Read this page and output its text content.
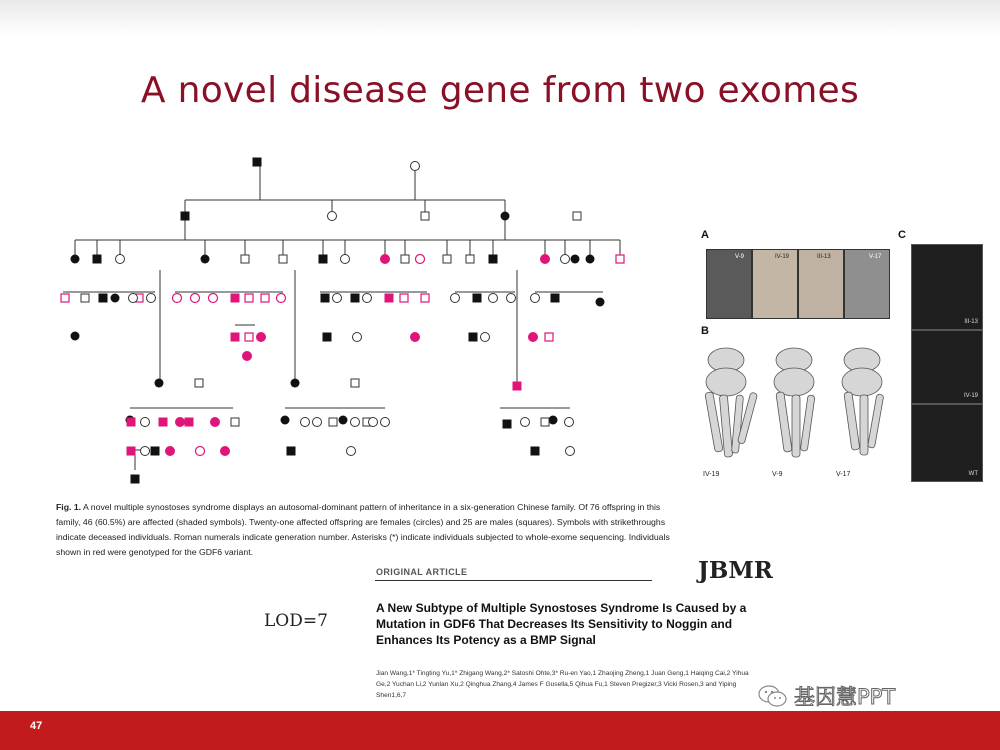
A novel disease gene from two exomes
A
V-9	IV-19	III-13	V-17
B
IV-19	V-9	V-17
C
III-13
IV-19
WT
Fig. 1. A novel multiple synostoses syndrome displays an autosomal-dominant pattern of inheritance in a six-generation Chinese family. Of 76 offspring in this family, 46 (60.5%) are affected (shaded symbols). Twenty-one affected offspring are females (circles) and 25 are males (squares). Symbols with strikethroughs indicate deceased individuals. Roman numerals indicate generation number. Asterisks (*) indicate individuals subjected to whole-exome sequencing. Individuals shown in red were genotyped for the GDF6 variant.
LOD=7
ORIGINAL ARTICLE	JBMR
A New Subtype of Multiple Synostoses Syndrome Is Caused by a Mutation in GDF6 That Decreases Its Sensitivity to Noggin and Enhances Its Potency as a BMP Signal
Jian Wang,1* Tingting Yu,1* Zhigang Wang,2* Satoshi Ohte,3* Ru-en Yao,1 Zhaojing Zheng,1 Juan Geng,1 Haiqing Cai,2 Yihua Ge,2 Yuchan Li,2 Yunlan Xu,2 Qinghua Zhang,4 James F Gusella,5 Qihua Fu,1 Steven Pregizer,3 Vicki Rosen,3 and Yiping Shen1,6,7	基因慧PPT
47
